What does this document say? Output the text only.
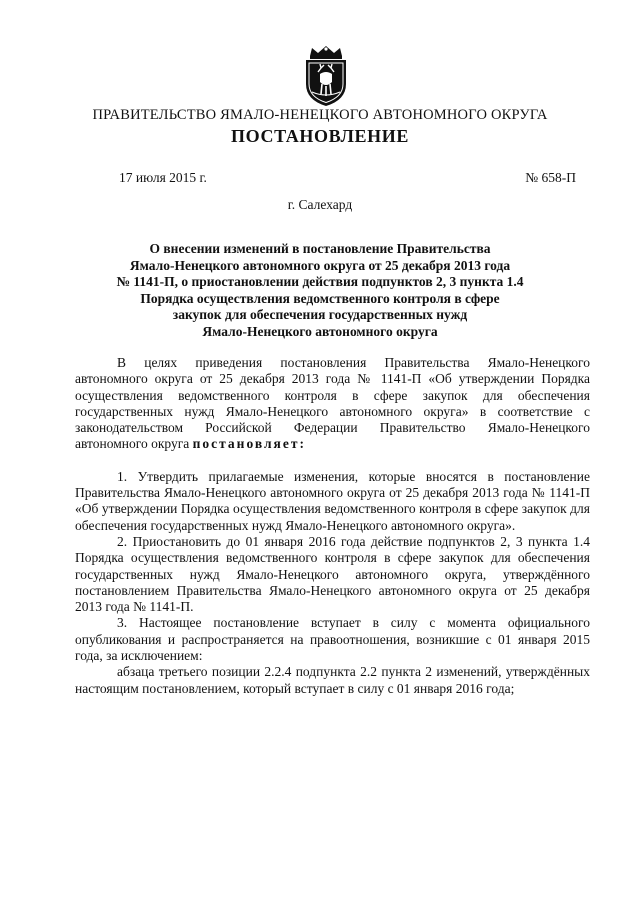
ПРАВИТЕЛЬСТВО ЯМАЛО-НЕНЕЦКОГО АВТОНОМНОГО ОКРУГА
ПОСТАНОВЛЕНИЕ
17 июля 2015 г.	№ 658-П
г. Салехард
О внесении изменений в постановление Правительства
Ямало-Ненецкого автономного округа от 25 декабря 2013 года
№ 1141-П, о приостановлении действия подпунктов 2, 3 пункта 1.4
Порядка осуществления ведомственного контроля в сфере
закупок для обеспечения государственных нужд
Ямало-Ненецкого автономного округа

В целях приведения постановления Правительства Ямало-Ненецкого автономного округа от 25 декабря 2013 года № 1141-П «Об утверждении Порядка осуществления ведомственного контроля в сфере закупок для обеспечения государственных нужд Ямало-Ненецкого автономного округа» в соответствие с законодательством Российской Федерации Правительство Ямало-Ненецкого автономного округа постановляет:

1. Утвердить прилагаемые изменения, которые вносятся в постановление Правительства Ямало-Ненецкого автономного округа от 25 декабря 2013 года № 1141-П «Об утверждении Порядка осуществления ведомственного контроля в сфере закупок для обеспечения государственных нужд Ямало-Ненецкого автономного округа».

2. Приостановить до 01 января 2016 года действие подпунктов 2, 3 пункта 1.4 Порядка осуществления ведомственного контроля в сфере закупок для обеспечения государственных нужд Ямало-Ненецкого автономного округа, утверждённого постановлением Правительства Ямало-Ненецкого автономного округа от 25 декабря 2013 года № 1141-П.

3. Настоящее постановление вступает в силу с момента официального опубликования и распространяется на правоотношения, возникшие с 01 января 2015 года, за исключением:

абзаца третьего позиции 2.2.4 подпункта 2.2 пункта 2 изменений, утверждённых настоящим постановлением, который вступает в силу с 01 января 2016 года;
